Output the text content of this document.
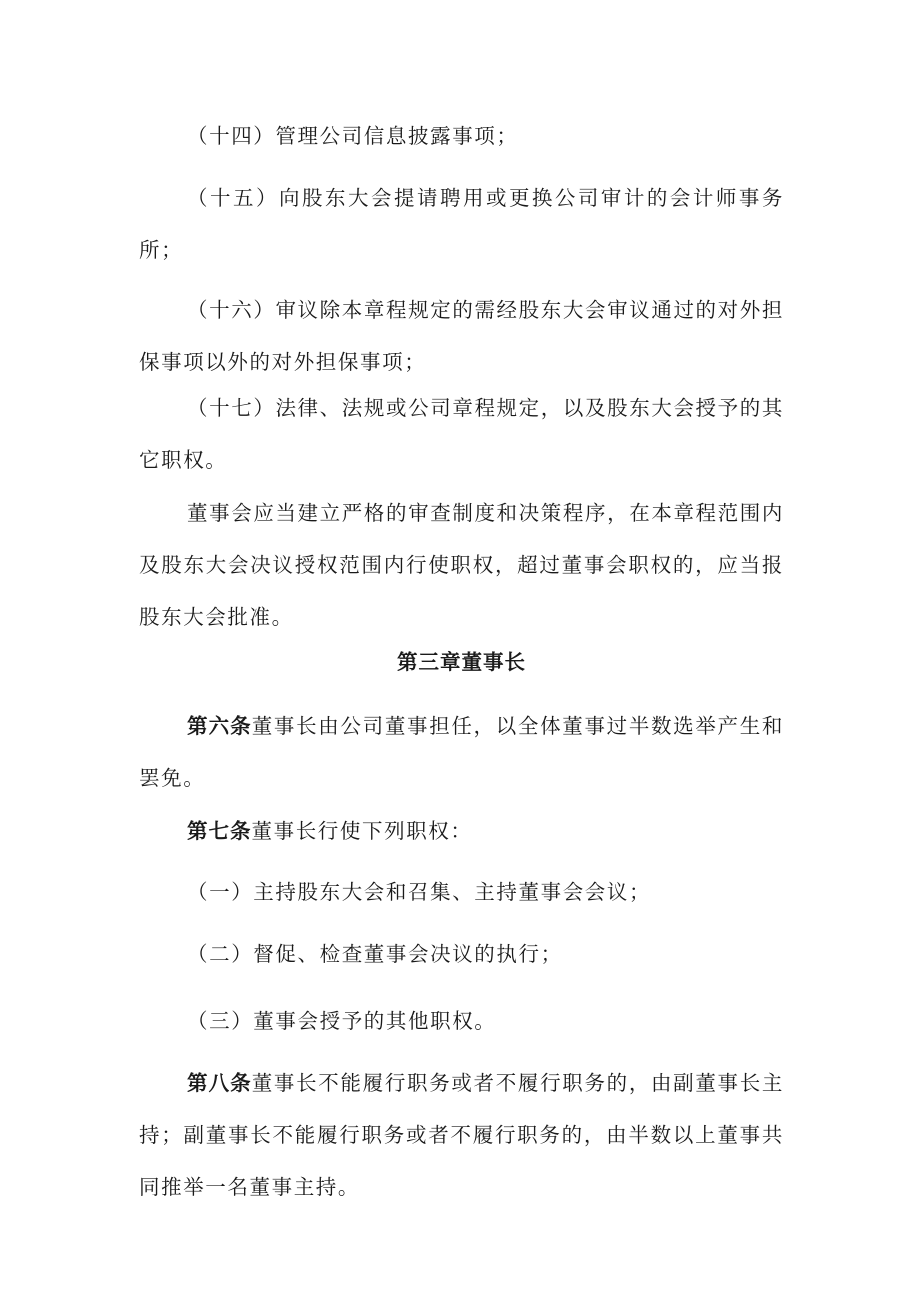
（十四）管理公司信息披露事项；

（十五）向股东大会提请聘用或更换公司审计的会计师事务所；

（十六）审议除本章程规定的需经股东大会审议通过的对外担保事项以外的对外担保事项；

（十七）法律、法规或公司章程规定，以及股东大会授予的其它职权。

董事会应当建立严格的审查制度和决策程序，在本章程范围内及股东大会决议授权范围内行使职权，超过董事会职权的，应当报股东大会批准。

第三章董事长

第六条董事长由公司董事担任，以全体董事过半数选举产生和罢免。

第七条董事长行使下列职权：

（一）主持股东大会和召集、主持董事会会议；

（二）督促、检查董事会决议的执行；

（三）董事会授予的其他职权。

第八条董事长不能履行职务或者不履行职务的，由副董事长主持；副董事长不能履行职务或者不履行职务的，由半数以上董事共同推举一名董事主持。
